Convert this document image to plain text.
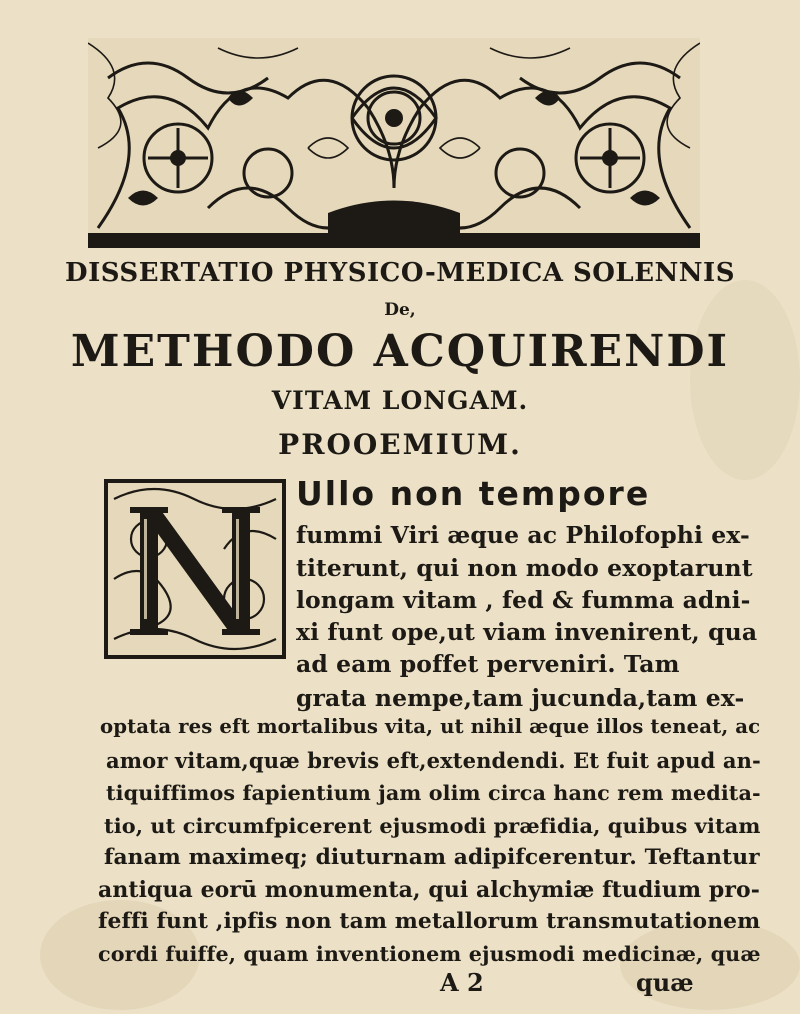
DISSERTATIO PHYSICO-MEDICA SOLENNIS
De,
METHODO ACQUIRENDI
VITAM LONGAM.
PROOEMIUM.
N
Ullo non tempore
fummi Viri æque ac Philofophi ex-
titerunt, qui non modo exoptarunt
longam vitam , fed & fumma adni-
xi funt ope,ut viam invenirent, qua
ad eam poffet perveniri. Tam
grata nempe,tam jucunda,tam ex-
optata res eft mortalibus vita, ut nihil æque illos teneat, ac
amor vitam,quæ brevis eft,extendendi. Et fuit apud an-
tiquiffimos fapientium jam olim circa hanc rem medita-
tio, ut circumfpicerent ejusmodi præfidia, quibus vitam
fanam maximeq; diuturnam adipifcerentur. Teftantur
antiqua eorū monumenta, qui alchymiæ ftudium pro-
feffi funt ,ipfis non tam metallorum transmutationem
cordi fuiffe, quam inventionem ejusmodi medicinæ, quæ
A 2	quæ
